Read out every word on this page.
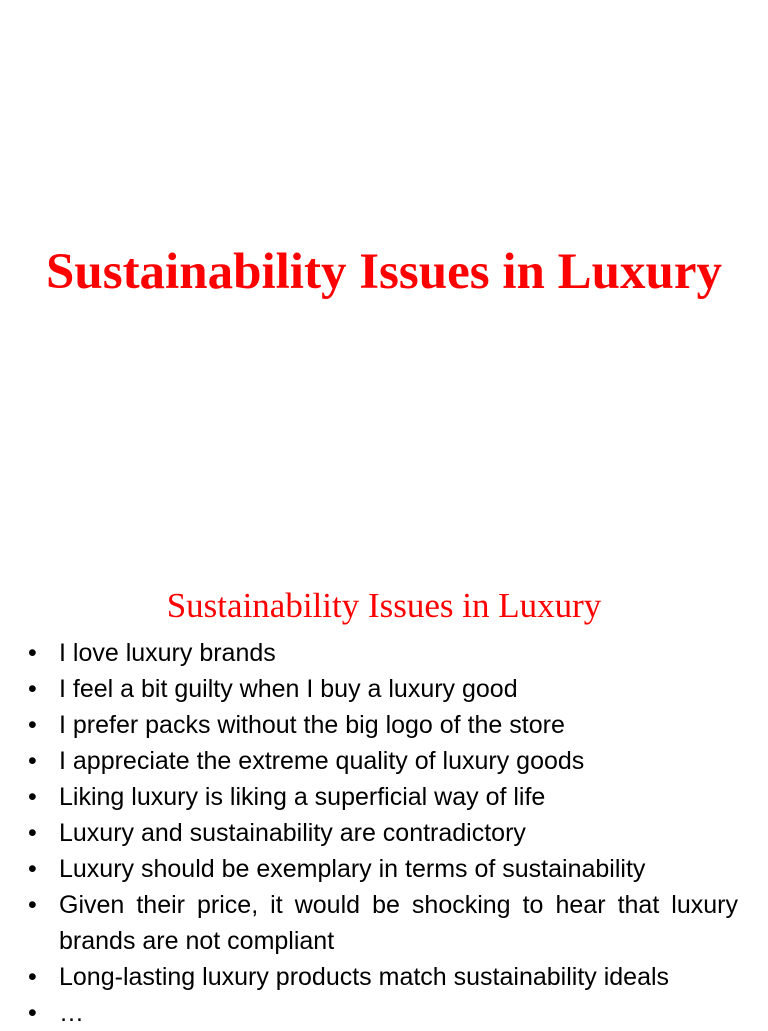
Sustainability Issues in Luxury
Sustainability Issues in Luxury
• I love luxury brands
• I feel a bit guilty when I buy a luxury good
• I prefer packs without the big logo of the store
• I appreciate the extreme quality of luxury goods
• Liking luxury is liking a superficial way of life
• Luxury and sustainability are contradictory
• Luxury should be exemplary in terms of sustainability
• Given their price, it would be shocking to hear that luxury brands are not compliant
• Long-lasting luxury products match sustainability ideals
• …
